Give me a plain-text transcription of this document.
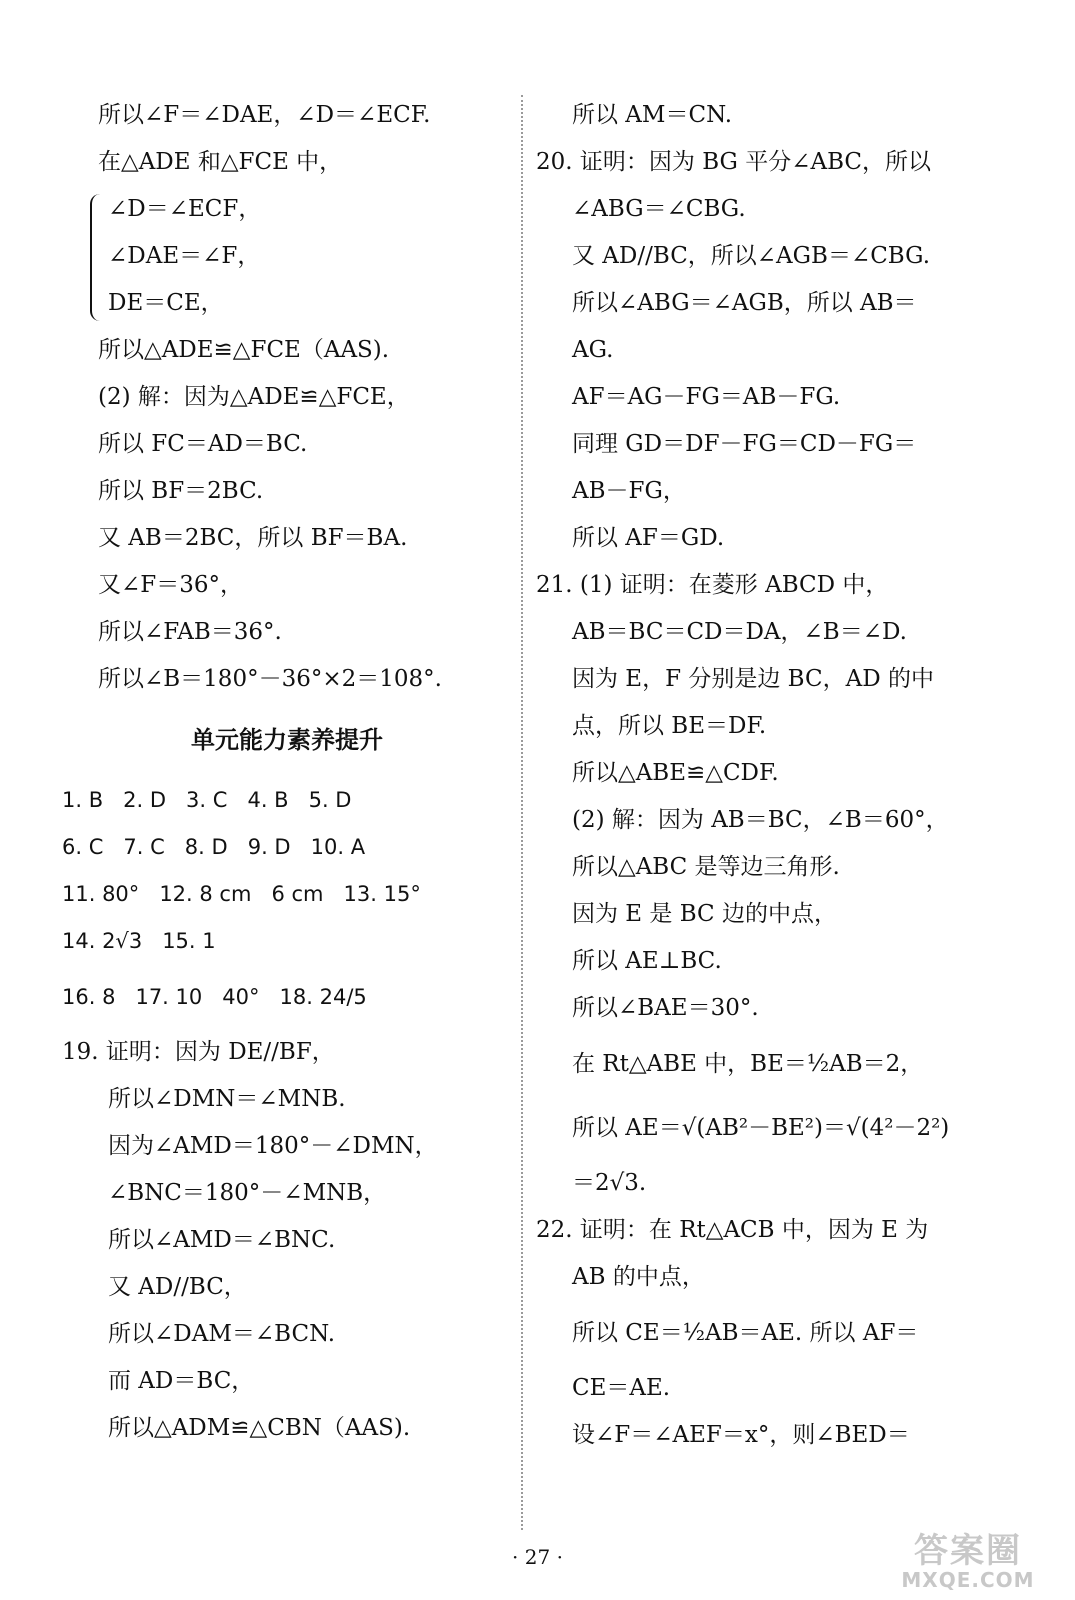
所以∠F＝∠DAE，∠D＝∠ECF.
在△ADE 和△FCE 中，
∠D＝∠ECF，
∠DAE＝∠F，
DE＝CE，
所以△ADE≌△FCE（AAS).
(2) 解：因为△ADE≌△FCE，
所以 FC＝AD＝BC.
所以 BF＝2BC.
又 AB＝2BC，所以 BF＝BA.
又∠F＝36°，
所以∠FAB＝36°.
所以∠B＝180°－36°×2＝108°.
单元能力素养提升
1. B   2. D   3. C   4. B   5. D
6. C   7. C   8. D   9. D   10. A
11. 80°   12. 8 cm   6 cm   13. 15°
14. 2√3   15. 1
16. 8   17. 10   40°   18. 24/5
19. 证明：因为 DE//BF，
所以∠DMN＝∠MNB.
因为∠AMD＝180°－∠DMN，
∠BNC＝180°－∠MNB，
所以∠AMD＝∠BNC.
又 AD//BC，
所以∠DAM＝∠BCN.
而 AD＝BC，
所以△ADM≌△CBN（AAS).
所以 AM＝CN.
20. 证明：因为 BG 平分∠ABC，所以
∠ABG＝∠CBG.
又 AD//BC，所以∠AGB＝∠CBG.
所以∠ABG＝∠AGB，所以 AB＝
AG.
AF＝AG－FG＝AB－FG.
同理 GD＝DF－FG＝CD－FG＝
AB－FG，
所以 AF＝GD.
21. (1) 证明：在菱形 ABCD 中，
AB＝BC＝CD＝DA，∠B＝∠D.
因为 E，F 分别是边 BC，AD 的中
点，所以 BE＝DF.
所以△ABE≌△CDF.
(2) 解：因为 AB＝BC，∠B＝60°，
所以△ABC 是等边三角形.
因为 E 是 BC 边的中点，
所以 AE⊥BC.
所以∠BAE＝30°.
在 Rt△ABE 中，BE＝½AB＝2，
所以 AE＝√(AB²－BE²)＝√(4²－2²)
＝2√3.
22. 证明：在 Rt△ACB 中，因为 E 为
AB 的中点，
所以 CE＝½AB＝AE. 所以 AF＝
CE＝AE.
设∠F＝∠AEF＝x°，则∠BED＝
· 27 ·	答案圈
MXQE.COM
